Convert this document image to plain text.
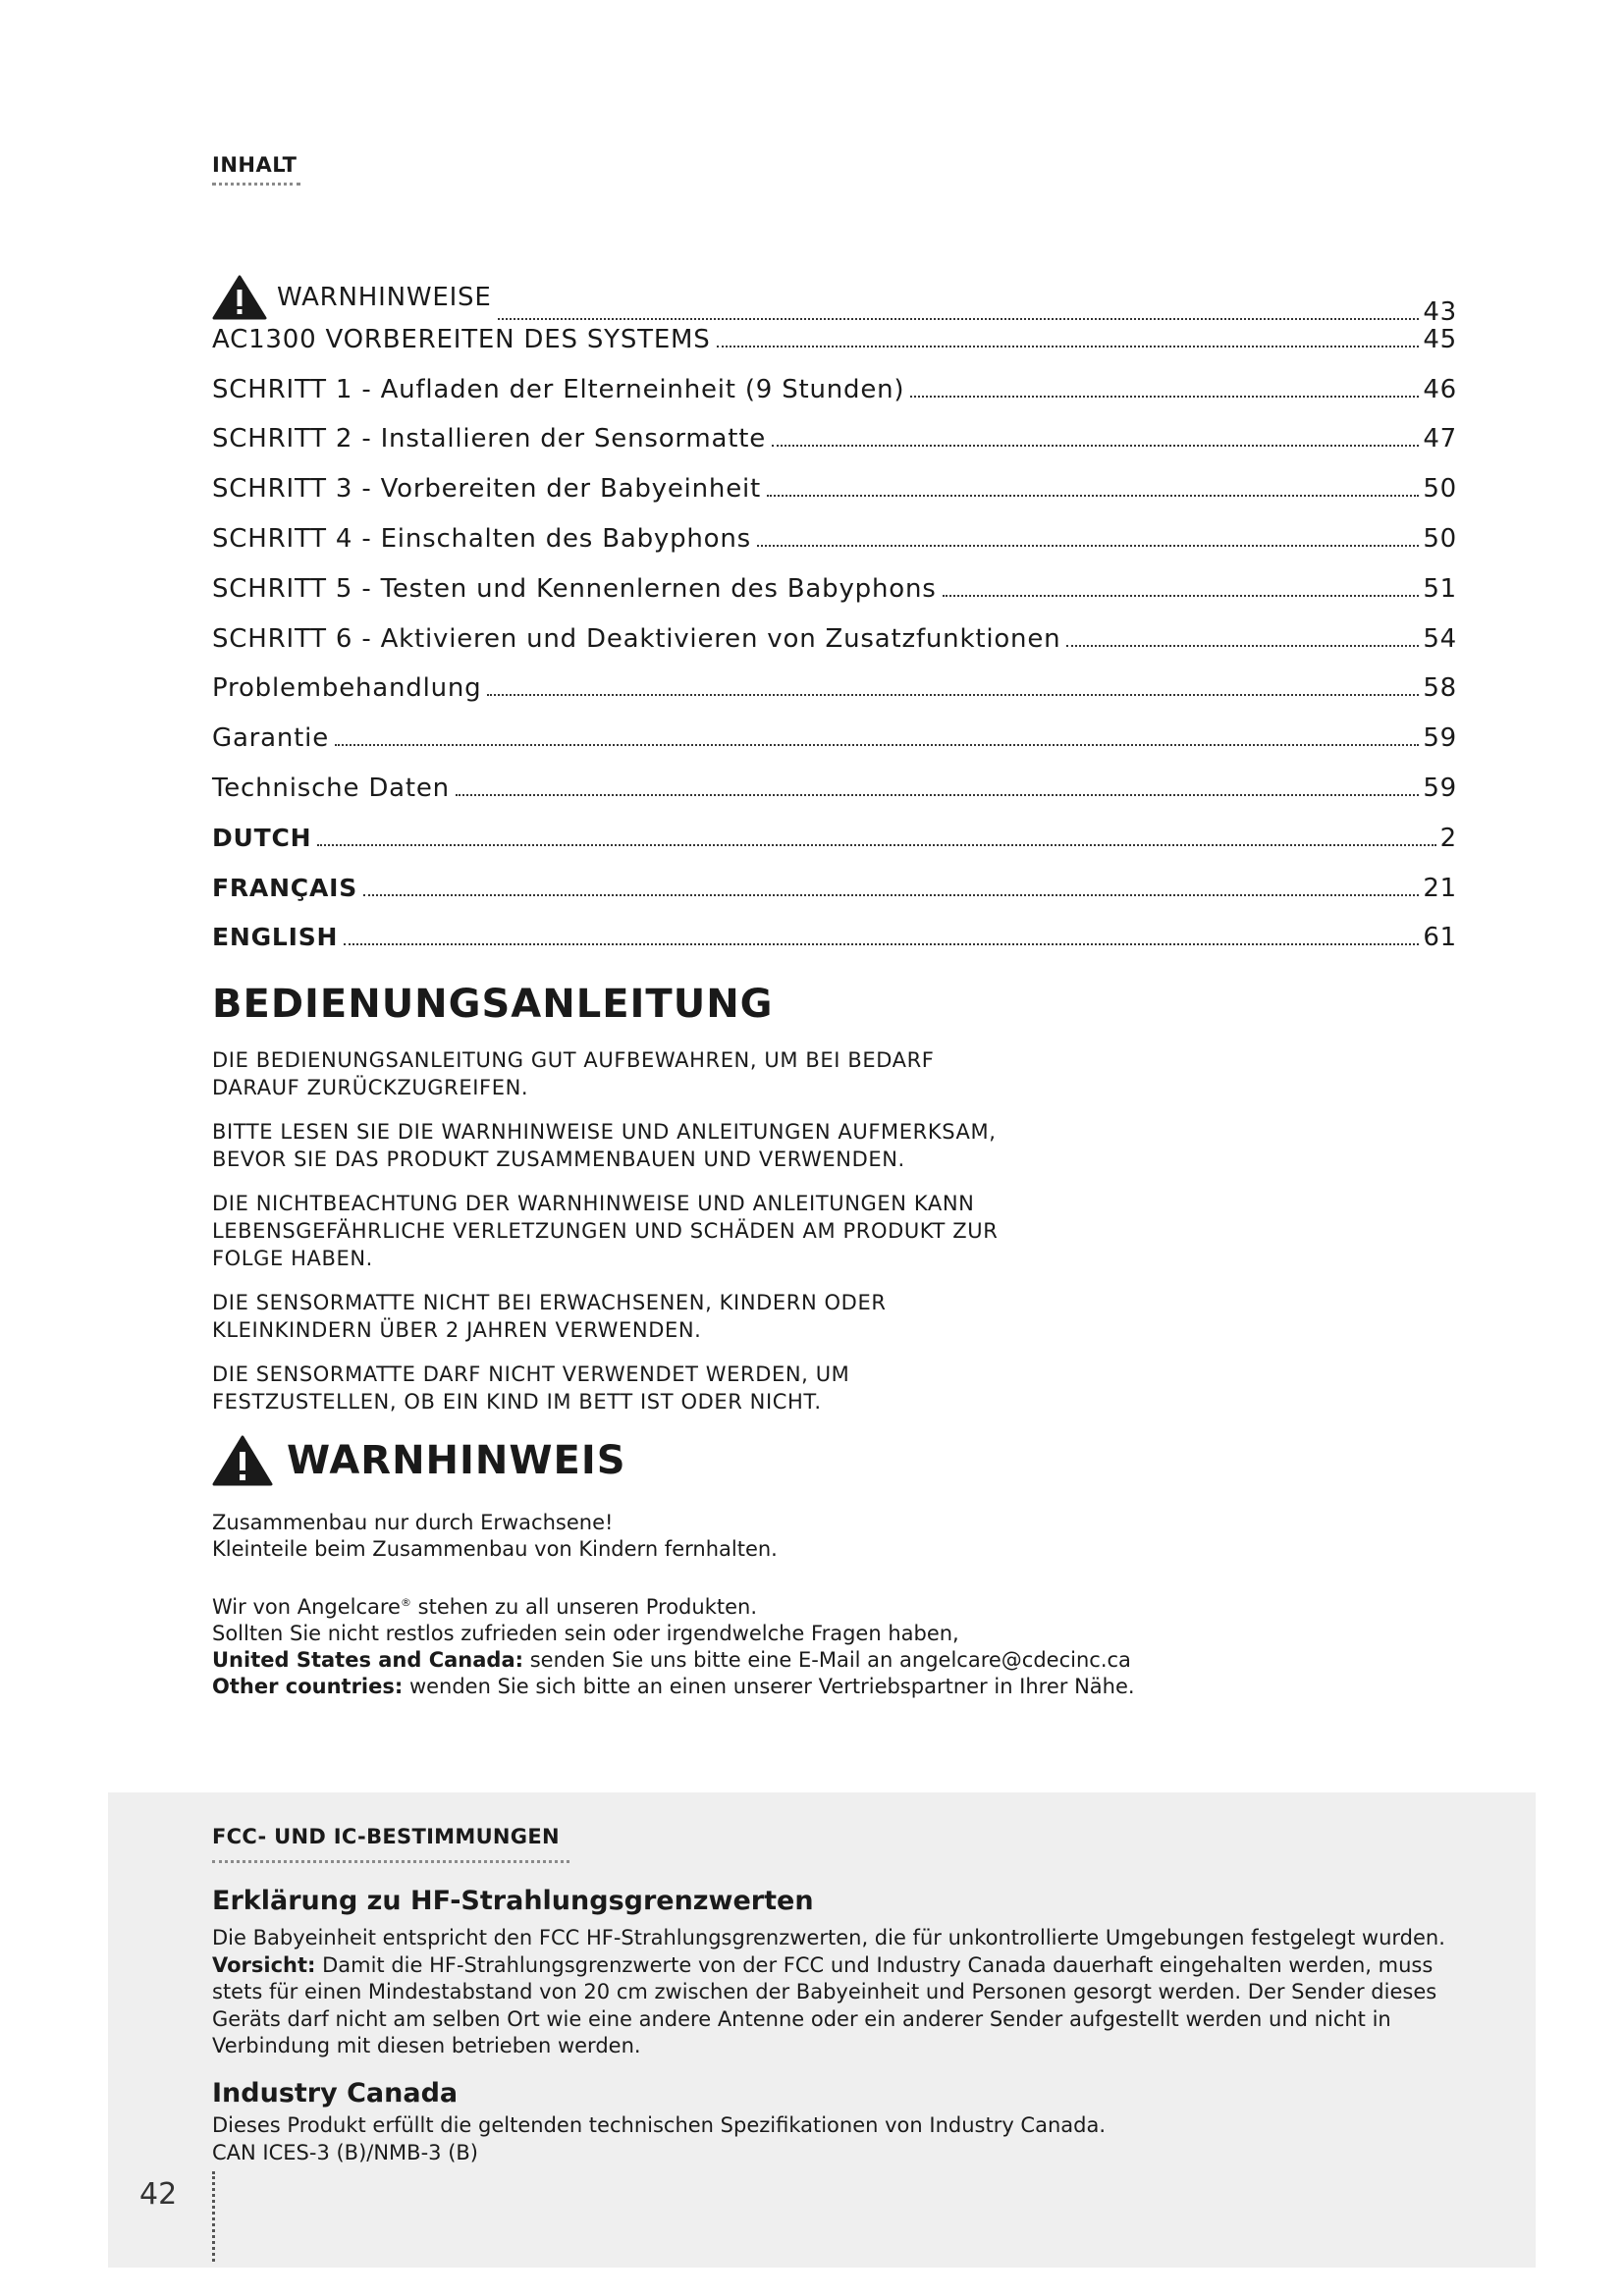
INHALT
WARNHINWEISE	43
AC1300 VORBEREITEN DES SYSTEMS	45
SCHRITT 1 - Aufladen der Elterneinheit (9 Stunden)	46
SCHRITT 2 - Installieren der Sensormatte	47
SCHRITT 3 - Vorbereiten der Babyeinheit	50
SCHRITT 4 - Einschalten des Babyphons	50
SCHRITT 5 - Testen und Kennenlernen des Babyphons	51
SCHRITT 6 - Aktivieren und Deaktivieren von Zusatzfunktionen	54
Problembehandlung	58
Garantie	59
Technische Daten	59
DUTCH	2
FRANÇAIS	21
ENGLISH	61
BEDIENUNGSANLEITUNG

DIE BEDIENUNGSANLEITUNG GUT AUFBEWAHREN, UM BEI BEDARF
DARAUF ZURÜCKZUGREIFEN.

BITTE LESEN SIE DIE WARNHINWEISE UND ANLEITUNGEN AUFMERKSAM,
BEVOR SIE DAS PRODUKT ZUSAMMENBAUEN UND VERWENDEN.

DIE NICHTBEACHTUNG DER WARNHINWEISE UND ANLEITUNGEN KANN
LEBENSGEFÄHRLICHE VERLETZUNGEN UND SCHÄDEN AM PRODUKT ZUR
FOLGE HABEN.

DIE SENSORMATTE NICHT BEI ERWACHSENEN, KINDERN ODER
KLEINKINDERN ÜBER 2 JAHREN VERWENDEN.

DIE SENSORMATTE DARF NICHT VERWENDET WERDEN, UM
FESTZUSTELLEN, OB EIN KIND IM BETT IST ODER NICHT.

WARNHINWEIS

Zusammenbau nur durch Erwachsene!

Kleinteile beim Zusammenbau von Kindern fernhalten.

Wir von Angelcare® stehen zu all unseren Produkten.

Sollten Sie nicht restlos zufrieden sein oder irgendwelche Fragen haben,

United States and Canada: senden Sie uns bitte eine E-Mail an angelcare@cdecinc.ca

Other countries: wenden Sie sich bitte an einen unserer Vertriebspartner in Ihrer Nähe.

FCC- UND IC-BESTIMMUNGEN
Erklärung zu HF-Strahlungsgrenzwerten
Die Babyeinheit entspricht den FCC HF-Strahlungsgrenzwerten, die für unkontrollierte Umgebungen festgelegt wurden. Vorsicht: Damit die HF-Strahlungsgrenzwerte von der FCC und Industry Canada dauerhaft eingehalten werden, muss stets für einen Mindestabstand von 20 cm zwischen der Babyeinheit und Personen gesorgt werden. Der Sender dieses Geräts darf nicht am selben Ort wie eine andere Antenne oder ein anderer Sender aufgestellt werden und nicht in Verbindung mit diesen betrieben werden.
Industry Canada

Dieses Produkt erfüllt die geltenden technischen Spezifikationen von Industry Canada.

CAN ICES-3 (B)/NMB-3 (B)

42
